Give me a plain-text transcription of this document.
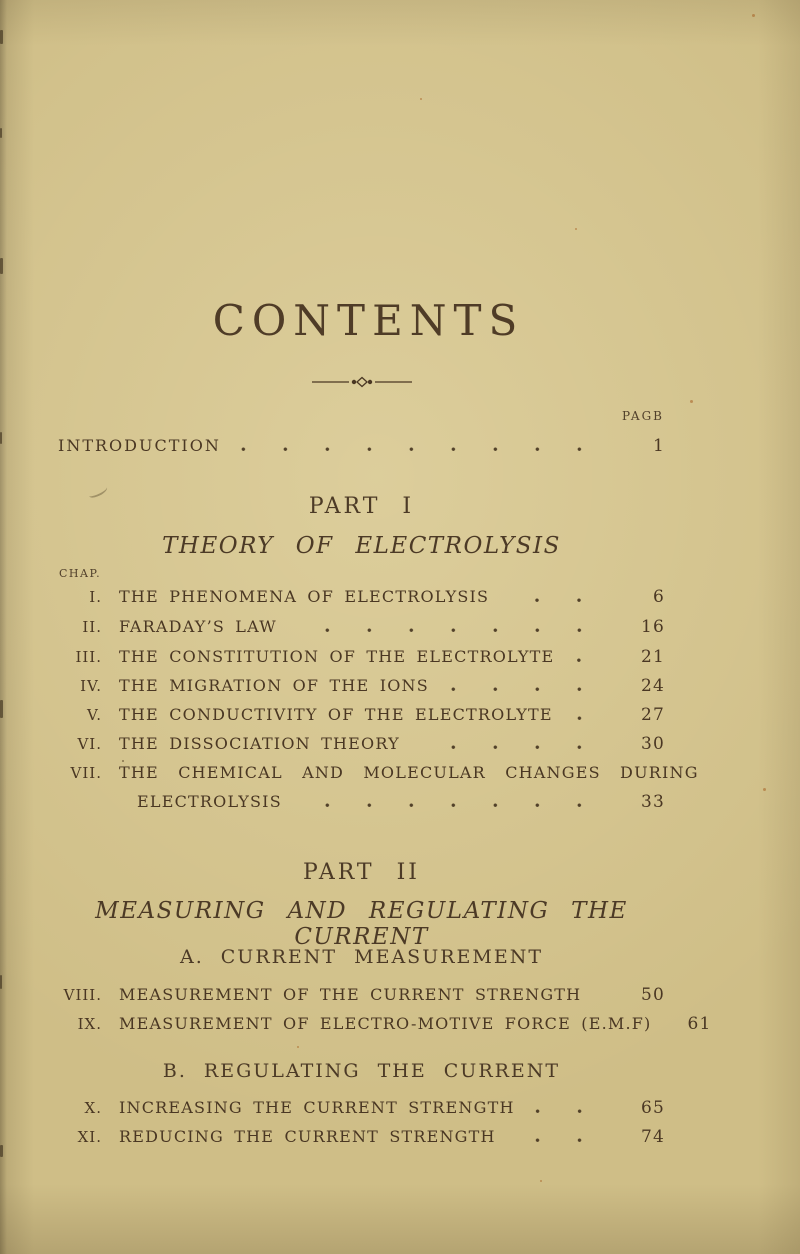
CONTENTS
PAGB
INTRODUCTION	1
PART I
THEORY OF ELECTROLYSIS
CHAP.
I.	THE PHENOMENA OF ELECTROLYSIS	6
II.	FARADAY’S LAW	16
III.	THE CONSTITUTION OF THE ELECTROLYTE	21
IV.	THE MIGRATION OF THE IONS	24
V.	THE CONDUCTIVITY OF THE ELECTROLYTE	27
VI.	THE DISSOCIATION THEORY	30
VII.	THE CHEMICAL AND MOLECULAR CHANGES DURING
ELECTROLYSIS	33
PART II
MEASURING AND REGULATING THE CURRENT
A. CURRENT MEASUREMENT
VIII.	MEASUREMENT OF THE CURRENT STRENGTH	50
IX.	MEASUREMENT OF ELECTRO-MOTIVE FORCE (E.M.F)	61
B. REGULATING THE CURRENT
X.	INCREASING THE CURRENT STRENGTH	65
XI.	REDUCING THE CURRENT STRENGTH	74
